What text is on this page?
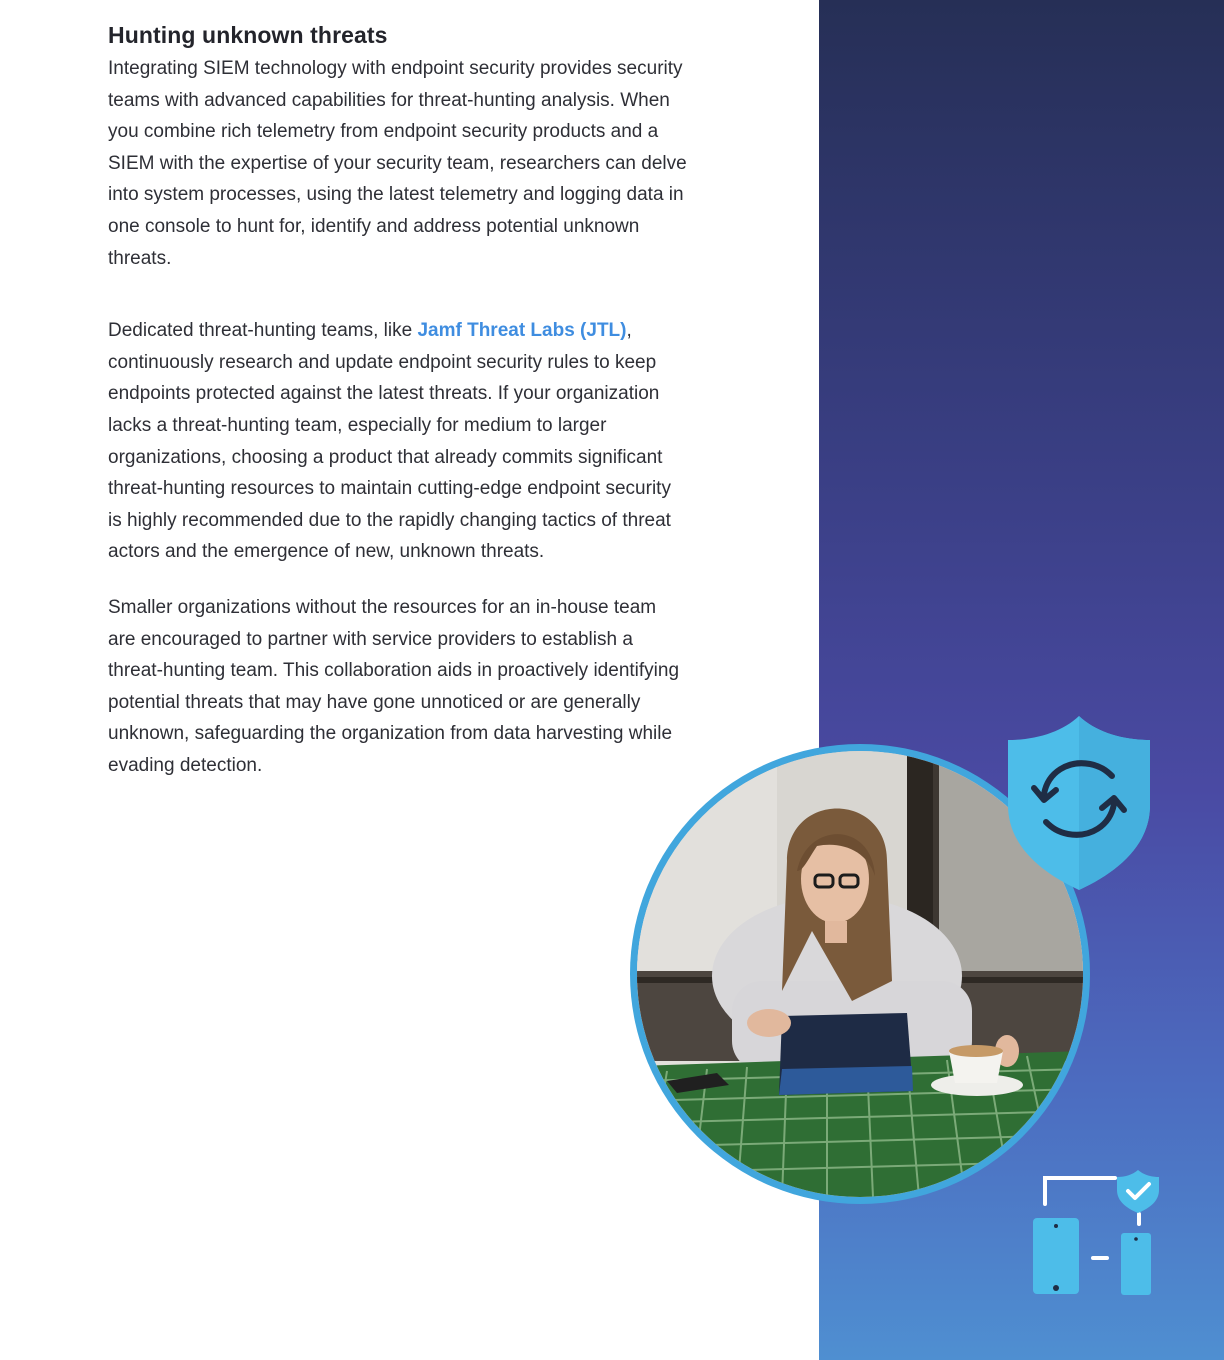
Hunting unknown threats

Integrating SIEM technology with endpoint security provides security teams with advanced capabilities for threat-hunting analysis. When you combine rich telemetry from endpoint security products and a SIEM with the expertise of your security team, researchers can delve into system processes, using the latest telemetry and logging data in one console to hunt for, identify and address potential unknown threats.

Dedicated threat-hunting teams, like Jamf Threat Labs (JTL), continuously research and update endpoint security rules to keep endpoints protected against the latest threats. If your organization lacks a threat-hunting team, especially for medium to larger organizations, choosing a product that already commits significant threat-hunting resources to maintain cutting-edge endpoint security is highly recommended due to the rapidly changing tactics of threat actors and the emergence of new, unknown threats.

Smaller organizations without the resources for an in-house team are encouraged to partner with service providers to establish a threat-hunting team. This collaboration aids in proactively identifying potential threats that may have gone unnoticed or are generally unknown, safeguarding the organization from data harvesting while evading detection.
